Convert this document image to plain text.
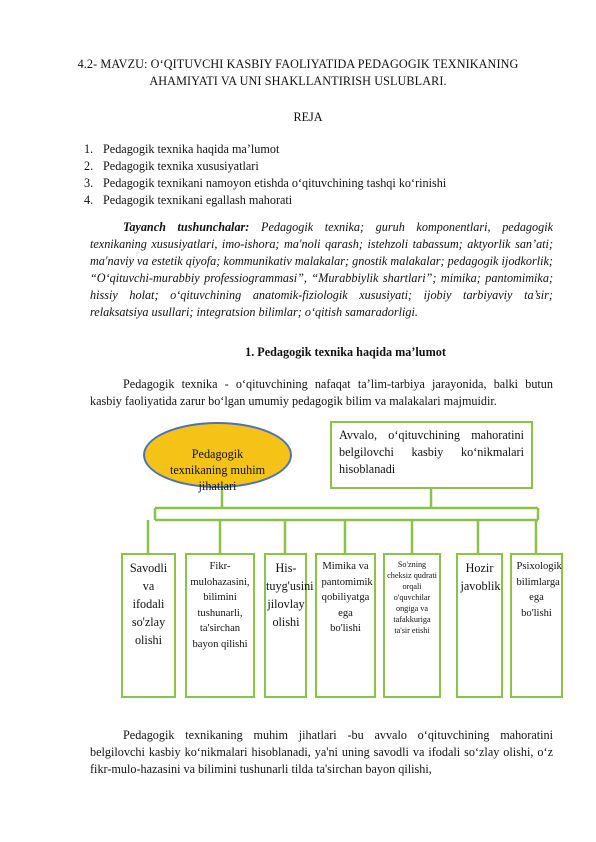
4.2- MAVZU: O‘QITUVCHI KASBIY FAOLIYATIDA PEDAGOGIK TEXNIKANING AHAMIYATI VA UNI SHAKLLANTIRISH USLUBLARI.
REJA
1. Pedagogik texnika haqida ma’lumot
2. Pedagogik texnika xususiyatlari
3. Pedagogik texnikani namoyon etishda o‘qituvchining tashqi ko‘rinishi
4. Pedagogik texnikani egallash mahorati

Tayanch tushunchalar: Pedagogik texnika; guruh komponentlari, pedagogik texnikaning xususiyatlari, imo-ishora; ma'noli qarash; istehzoli tabassum; aktyorlik san’ati; ma'naviy va estetik qiyofa; kommunikativ malakalar; gnostik malakalar; pedagogik ijodkorlik; “O‘qituvchi-murabbiy professiogrammasi”, “Murabbiylik shartlari”; mimika; pantomimika; hissiy holat; o‘qituvchining anatomik-fiziologik xususiyati; ijobiy tarbiyaviy ta’sir; relaksatsiya usullari; integratsion bilimlar; o‘qitish samaradorligi.

1. Pedagogik texnika haqida ma’lumot

Pedagogik texnika - o‘qituvchining nafaqat ta’lim-tarbiya jarayonida, balki butun kasbiy faoliyatida zarur bo‘lgan umumiy pedagogik bilim va malakalari majmuidir.

Pedagogik texnikaning muhim jihatlari
Avvalo, o‘qituvchining mahoratini belgilovchi kasbiy ko‘nikmalari hisoblanadi
Savodli va ifodali so'zlay olishi
Fikr-mulohazasini, bilimini tushunarli, ta'sirchan bayon qilishi
His-tuyg'usini jilovlay olishi
Mimika va pantomimik qobiliyatga ega bo'lishi
So'zning cheksiz qudrati orqali o'quvchilar ongiga va tafakkuriga ta'sir etishi
Hozir javoblik
Psixologik bilimlarga ega bo'lishi

Pedagogik texnikaning muhim jihatlari -bu avvalo o‘qituvchining mahoratini belgilovchi kasbiy ko‘nikmalari hisoblanadi, ya'ni uning savodli va ifodali so‘zlay olishi, o‘z fikr-mulo-hazasini va bilimini tushunarli tilda ta'sirchan bayon qilishi,
